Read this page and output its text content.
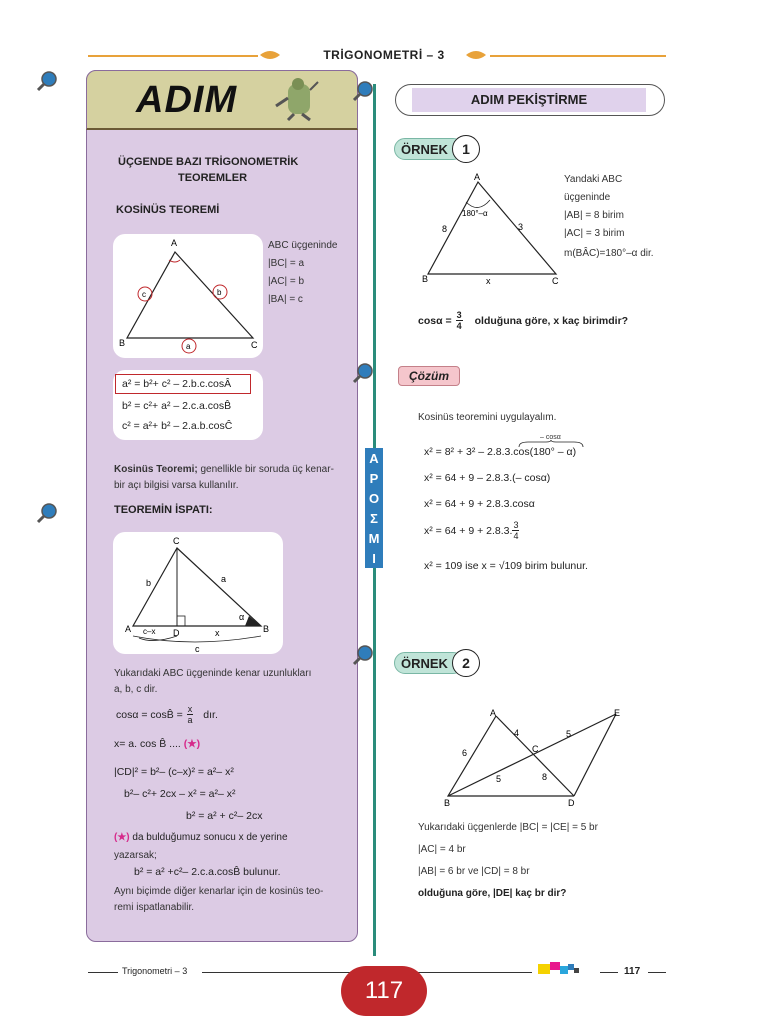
TRİGONOMETRİ – 3
ADIM
ÜÇGENDE BAZI TRİGONOMETRİK
TEOREMLER
KOSİNÜS TEOREMİ
A
B	C
c	b
a
ABC üçgeninde
|BC| = a
|AC| = b
|BA| = c
a² = b²+ c² – 2.b.c.cosÂ
b² = c²+ a² – 2.c.a.cosB̂
c² = a²+ b² – 2.a.b.cosĈ
Kosinüs Teoremi; genellikle bir soruda üç kenar-
bir açı bilgisi varsa kullanılır.
TEOREMİN İSPATI:
C
b	a
α
A c–x D	x	B
c
Yukarıdaki ABC üçgeninde kenar uzunlukları
a, b, c dir.
cosα = cosB̂ = $\frac{x}{a}$ dır.
x= a. cos B̂ .... (★)
|CD|² = b²– (c–x)² = a²– x²
b²– c²+ 2cx – x² = a²– x²
b² = a² + c²– 2cx
(★) da bulduğumuz sonucu x de yerine
yazarsak;
b² = a² +c²– 2.c.a.cosB̂ bulunur.
Aynı biçimde diğer kenarlar için de kosinüs teo-
remi ispatlanabilir.
A
P
O
Σ
M
I
ADIM PEKİŞTİRME
ÖRNEK	1
A
180°–α
8	3
B	x	C
Yandaki ABC
üçgeninde
|AB| = 8 birim
|AC| = 3 birim
m(BÂC)=180°–α dir.
$\cos\alpha = \frac{3}{4}$ olduğuna göre, x kaç birimdir?
Çözüm
Kosinüs teoremini uygulayalım.
– cosα
x² = 8² + 3² – 2.8.3.cos(180° – α)
x² = 64 + 9 – 2.8.3.(– cosα)
x² = 64 + 9 + 2.8.3.cosα
x² = 64 + 9 + 2.8.3. $\frac{3}{4}$
x² = 109 ise x = √109 birim bulunur.
ÖRNEK	2
A	E
4	5
C
6
5	8
B	D
Yukarıdaki üçgenlerde |BC| = |CE| = 5 br
|AC| = 4 br
|AB| = 6 br ve |CD| = 8 br
olduğuna göre, |DE| kaç br dir?
Trigonometri – 3	117
117
